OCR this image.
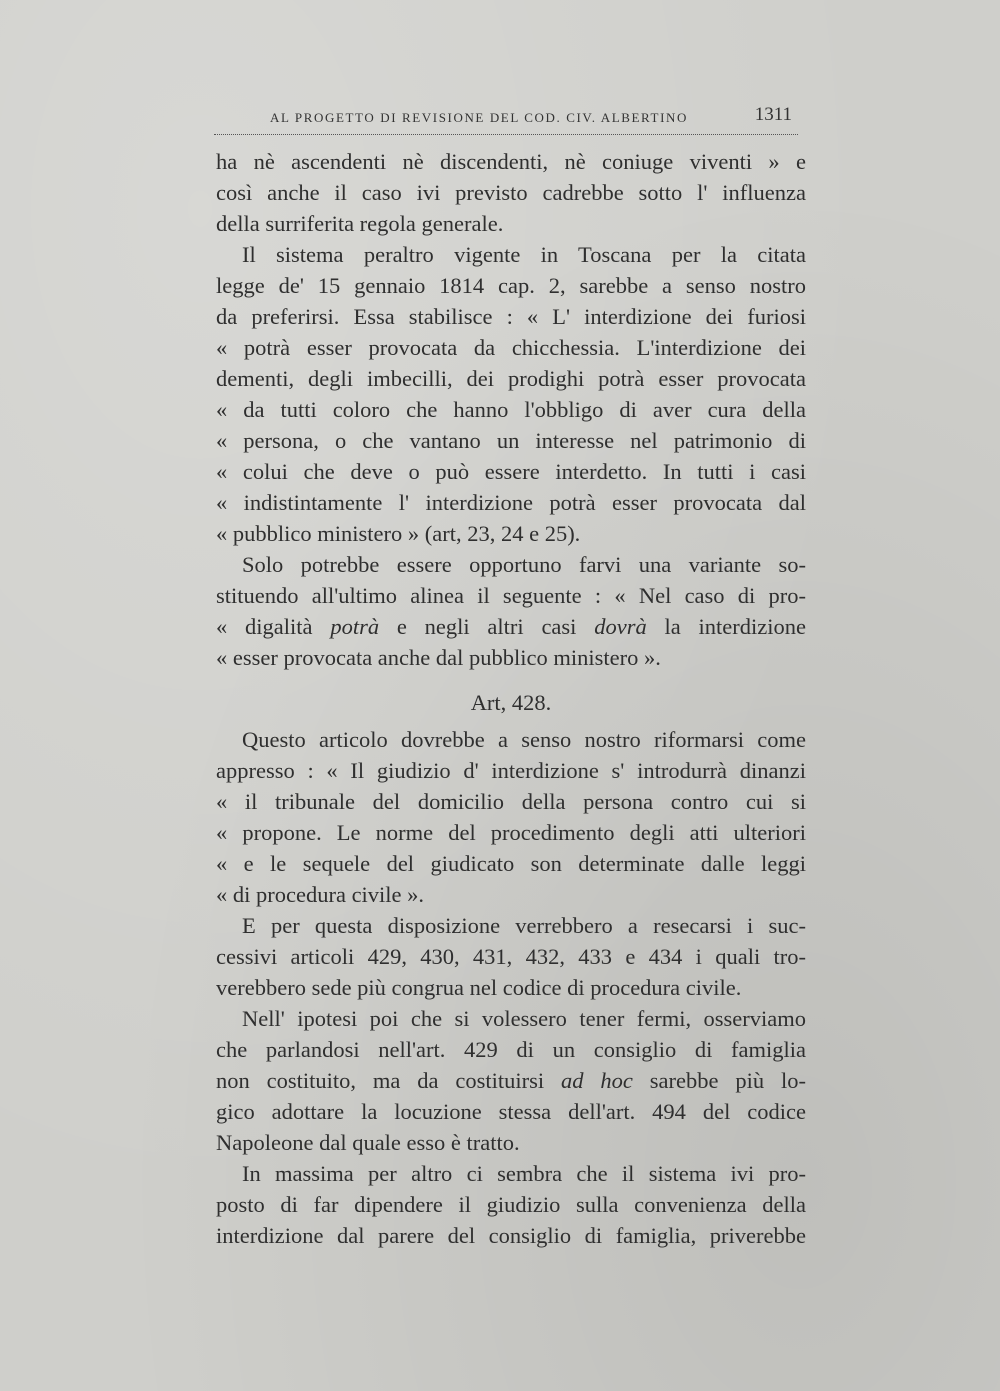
AL PROGETTO DI REVISIONE DEL COD. CIV. ALBERTINO	1311

ha nè ascendenti nè discendenti, nè coniuge viventi » e
così anche il caso ivi previsto cadrebbe sotto l' influenza
della surriferita regola generale.

Il sistema peraltro vigente in Toscana per la citata
legge de' 15 gennaio 1814 cap. 2, sarebbe a senso nostro
da preferirsi. Essa stabilisce : « L' interdizione dei furiosi
« potrà esser provocata da chicchessia. L'interdizione dei
dementi, degli imbecilli, dei prodighi potrà esser provocata
« da tutti coloro che hanno l'obbligo di aver cura della
« persona, o che vantano un interesse nel patrimonio di
« colui che deve o può essere interdetto. In tutti i casi
« indistintamente l' interdizione potrà esser provocata dal
« pubblico ministero » (art, 23, 24 e 25).

Solo potrebbe essere opportuno farvi una variante so-
stituendo all'ultimo alinea il seguente : « Nel caso di pro-
« digalità potrà e negli altri casi dovrà la interdizione
« esser provocata anche dal pubblico ministero ».

Art, 428.

Questo articolo dovrebbe a senso nostro riformarsi come
appresso : « Il giudizio d' interdizione s' introdurrà dinanzi
« il tribunale del domicilio della persona contro cui si
« propone. Le norme del procedimento degli atti ulteriori
« e le sequele del giudicato son determinate dalle leggi
« di procedura civile ».

E per questa disposizione verrebbero a resecarsi i suc-
cessivi articoli 429, 430, 431, 432, 433 e 434 i quali tro-
verebbero sede più congrua nel codice di procedura civile.

Nell' ipotesi poi che si volessero tener fermi, osserviamo
che parlandosi nell'art. 429 di un consiglio di famiglia
non costituito, ma da costituirsi ad hoc sarebbe più lo-
gico adottare la locuzione stessa dell'art. 494 del codice
Napoleone dal quale esso è tratto.

In massima per altro ci sembra che il sistema ivi pro-
posto di far dipendere il giudizio sulla convenienza della
interdizione dal parere del consiglio di famiglia, priverebbe
